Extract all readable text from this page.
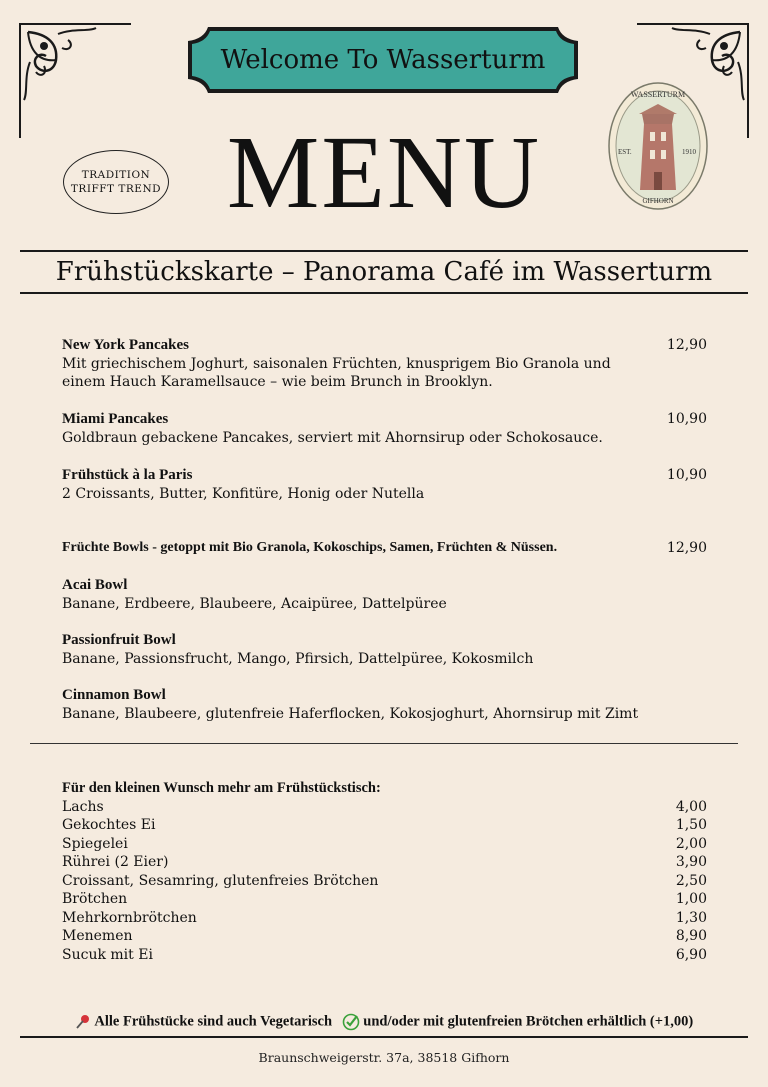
Welcome To Wasserturm
TRADITION
TRIFFT TREND MENU
WASSERTURM
EST.	1910
GIFHORN
Frühstückskarte – Panorama Café im Wasserturm
New York Pancakes
Mit griechischem Joghurt, saisonalen Früchten, knusprigem Bio Granola und einem Hauch Karamellsauce – wie beim Brunch in Brooklyn.
12,90
Miami Pancakes
Goldbraun gebackene Pancakes, serviert mit Ahornsirup oder Schokosauce.
10,90
Frühstück à la Paris
2 Croissants, Butter, Konfitüre, Honig oder Nutella
10,90
Früchte Bowls - getoppt mit Bio Granola, Kokoschips, Samen, Früchten & Nüssen.	12,90
Acai Bowl
Banane, Erdbeere, Blaubeere, Acaipüree, Dattelpüree
Passionfruit Bowl
Banane, Passionsfrucht, Mango, Pfirsich, Dattelpüree, Kokosmilch
Cinnamon Bowl
Banane, Blaubeere, glutenfreie Haferflocken, Kokosjoghurt, Ahornsirup mit Zimt
Für den kleinen Wunsch mehr am Frühstückstisch:
Lachs	4,00
Gekochtes Ei	1,50
Spiegelei	2,00
Rührei (2 Eier)	3,90
Croissant, Sesamring, glutenfreies Brötchen	2,50
Brötchen	1,00
Mehrkornbrötchen	1,30
Menemen	8,90
Sucuk mit Ei	6,90
Alle Frühstücke sind auch Vegetarisch und/oder mit glutenfreien Brötchen erhältlich (+1,00)
Braunschweigerstr. 37a, 38518 Gifhorn
